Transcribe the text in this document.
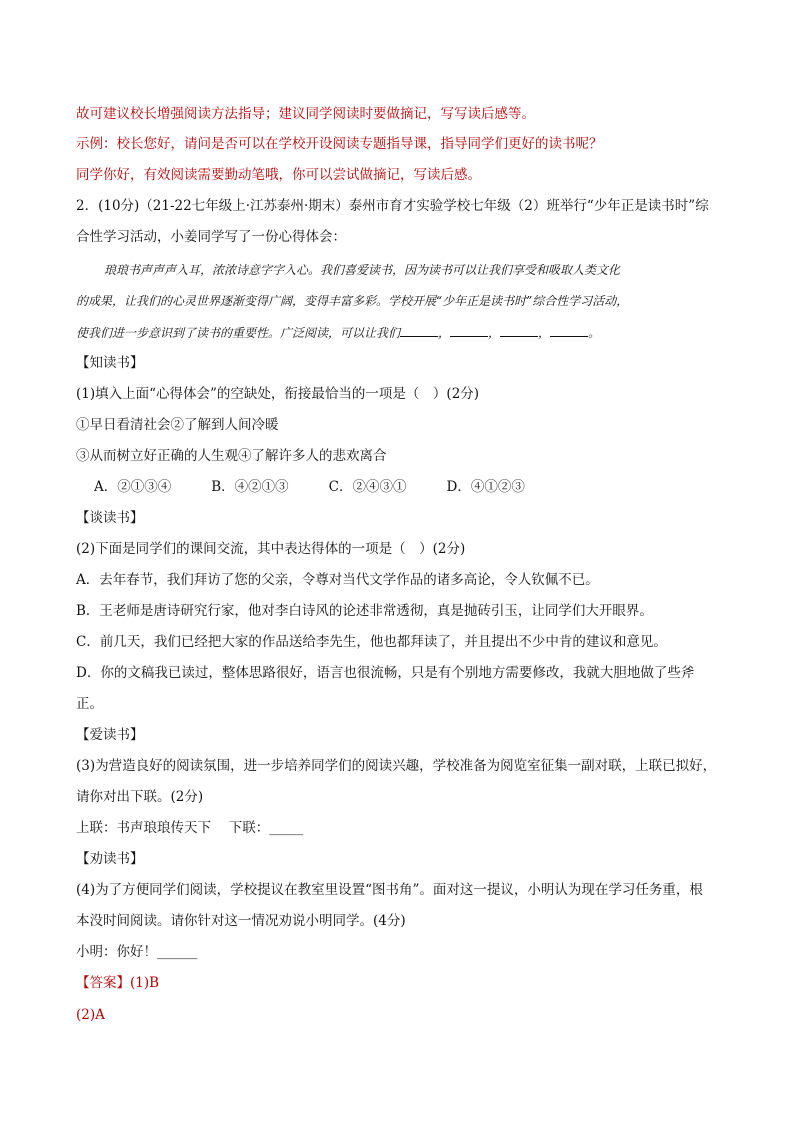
故可建议校长增强阅读方法指导；建议同学阅读时要做摘记，写写读后感等。
示例：校长您好，请问是否可以在学校开设阅读专题指导课，指导同学们更好的读书呢？
同学你好，有效阅读需要勤动笔哦，你可以尝试做摘记，写读后感。
2．(10分)（21-22七年级上·江苏泰州·期末）泰州市育才实验学校七年级（2）班举行“少年正是读书时”综
合性学习活动，小姜同学写了一份心得体会：
琅琅书声声声入耳，浓浓诗意字字入心。我们喜爱读书，因为读书可以让我们享受和吸取人类文化
的成果，让我们的心灵世界逐渐变得广阔，变得丰富多彩。学校开展“少年正是读书时”综合性学习活动，
使我们进一步意识到了读书的重要性。广泛阅读，可以让我们	，	，	，	。
【知读书】
(1)填入上面“心得体会”的空缺处，衔接最恰当的一项是（　）(2分)
①早日看清社会②了解到人间冷暖
③从而树立好正确的人生观④了解许多人的悲欢离合
A．②①③④	B．④②①③	C．②④③①	D．④①②③
【谈读书】
(2)下面是同学们的课间交流，其中表达得体的一项是（　）(2分)
A．去年春节，我们拜访了您的父亲，令尊对当代文学作品的诸多高论，令人钦佩不已。
B．王老师是唐诗研究行家，他对李白诗风的论述非常透彻，真是抛砖引玉，让同学们大开眼界。
C．前几天，我们已经把大家的作品送给李先生，他也都拜读了，并且提出不少中肯的建议和意见。
D．你的文稿我已读过，整体思路很好，语言也很流畅，只是有个别地方需要修改，我就大胆地做了些斧
正。
【爱读书】
(3)为营造良好的阅读氛围，进一步培养同学们的阅读兴趣，学校准备为阅览室征集一副对联，上联已拟好，
请你对出下联。(2分)
上联：书声琅琅传天下　 下联：_____
【劝读书】
(4)为了方便同学们阅读，学校提议在教室里设置“图书角”。面对这一提议，小明认为现在学习任务重，根
本没时间阅读。请你针对这一情况劝说小明同学。(4分)
小明：你好！______
【答案】(1)B
(2)A
